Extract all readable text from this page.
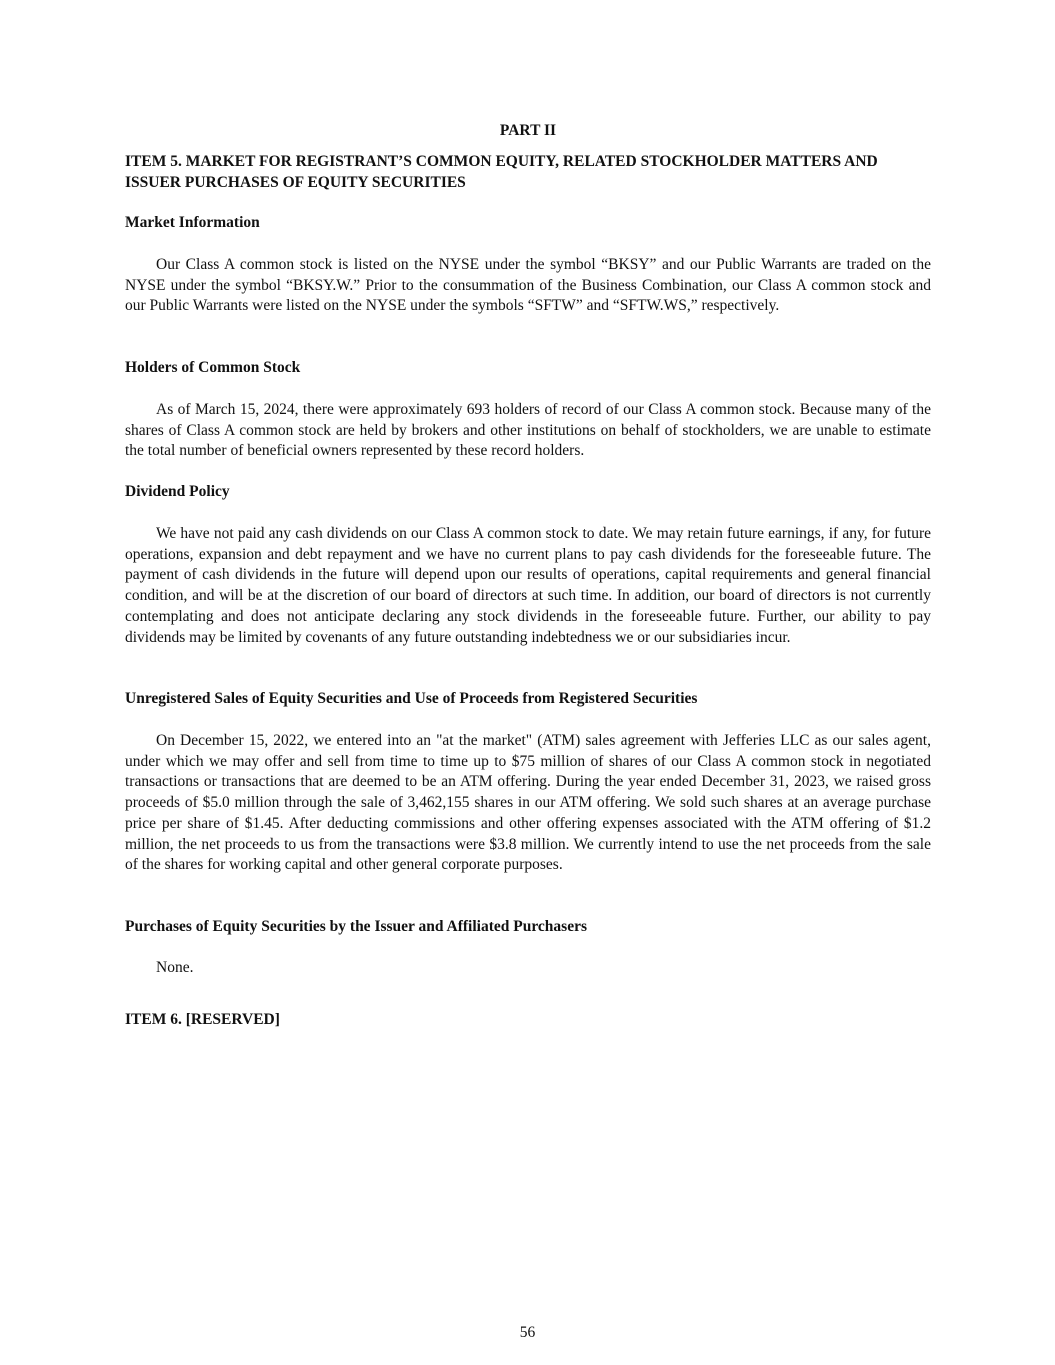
PART II

ITEM 5. MARKET FOR REGISTRANT’S COMMON EQUITY, RELATED STOCKHOLDER MATTERS AND ISSUER PURCHASES OF EQUITY SECURITIES

Market Information

Our Class A common stock is listed on the NYSE under the symbol “BKSY” and our Public Warrants are traded on the NYSE under the symbol “BKSY.W.” Prior to the consummation of the Business Combination, our Class A common stock and our Public Warrants were listed on the NYSE under the symbols “SFTW” and “SFTW.WS,” respectively.

Holders of Common Stock

As of March 15, 2024, there were approximately 693 holders of record of our Class A common stock. Because many of the shares of Class A common stock are held by brokers and other institutions on behalf of stockholders, we are unable to estimate the total number of beneficial owners represented by these record holders.

Dividend Policy

We have not paid any cash dividends on our Class A common stock to date. We may retain future earnings, if any, for future operations, expansion and debt repayment and we have no current plans to pay cash dividends for the foreseeable future. The payment of cash dividends in the future will depend upon our results of operations, capital requirements and general financial condition, and will be at the discretion of our board of directors at such time. In addition, our board of directors is not currently contemplating and does not anticipate declaring any stock dividends in the foreseeable future. Further, our ability to pay dividends may be limited by covenants of any future outstanding indebtedness we or our subsidiaries incur.

Unregistered Sales of Equity Securities and Use of Proceeds from Registered Securities

On December 15, 2022, we entered into an "at the market" (ATM) sales agreement with Jefferies LLC as our sales agent, under which we may offer and sell from time to time up to $75 million of shares of our Class A common stock in negotiated transactions or transactions that are deemed to be an ATM offering. During the year ended December 31, 2023, we raised gross proceeds of $5.0 million through the sale of 3,462,155 shares in our ATM offering. We sold such shares at an average purchase price per share of $1.45. After deducting commissions and other offering expenses associated with the ATM offering of $1.2 million, the net proceeds to us from the transactions were $3.8 million. We currently intend to use the net proceeds from the sale of the shares for working capital and other general corporate purposes.

Purchases of Equity Securities by the Issuer and Affiliated Purchasers

None.

ITEM 6. [RESERVED]

56
